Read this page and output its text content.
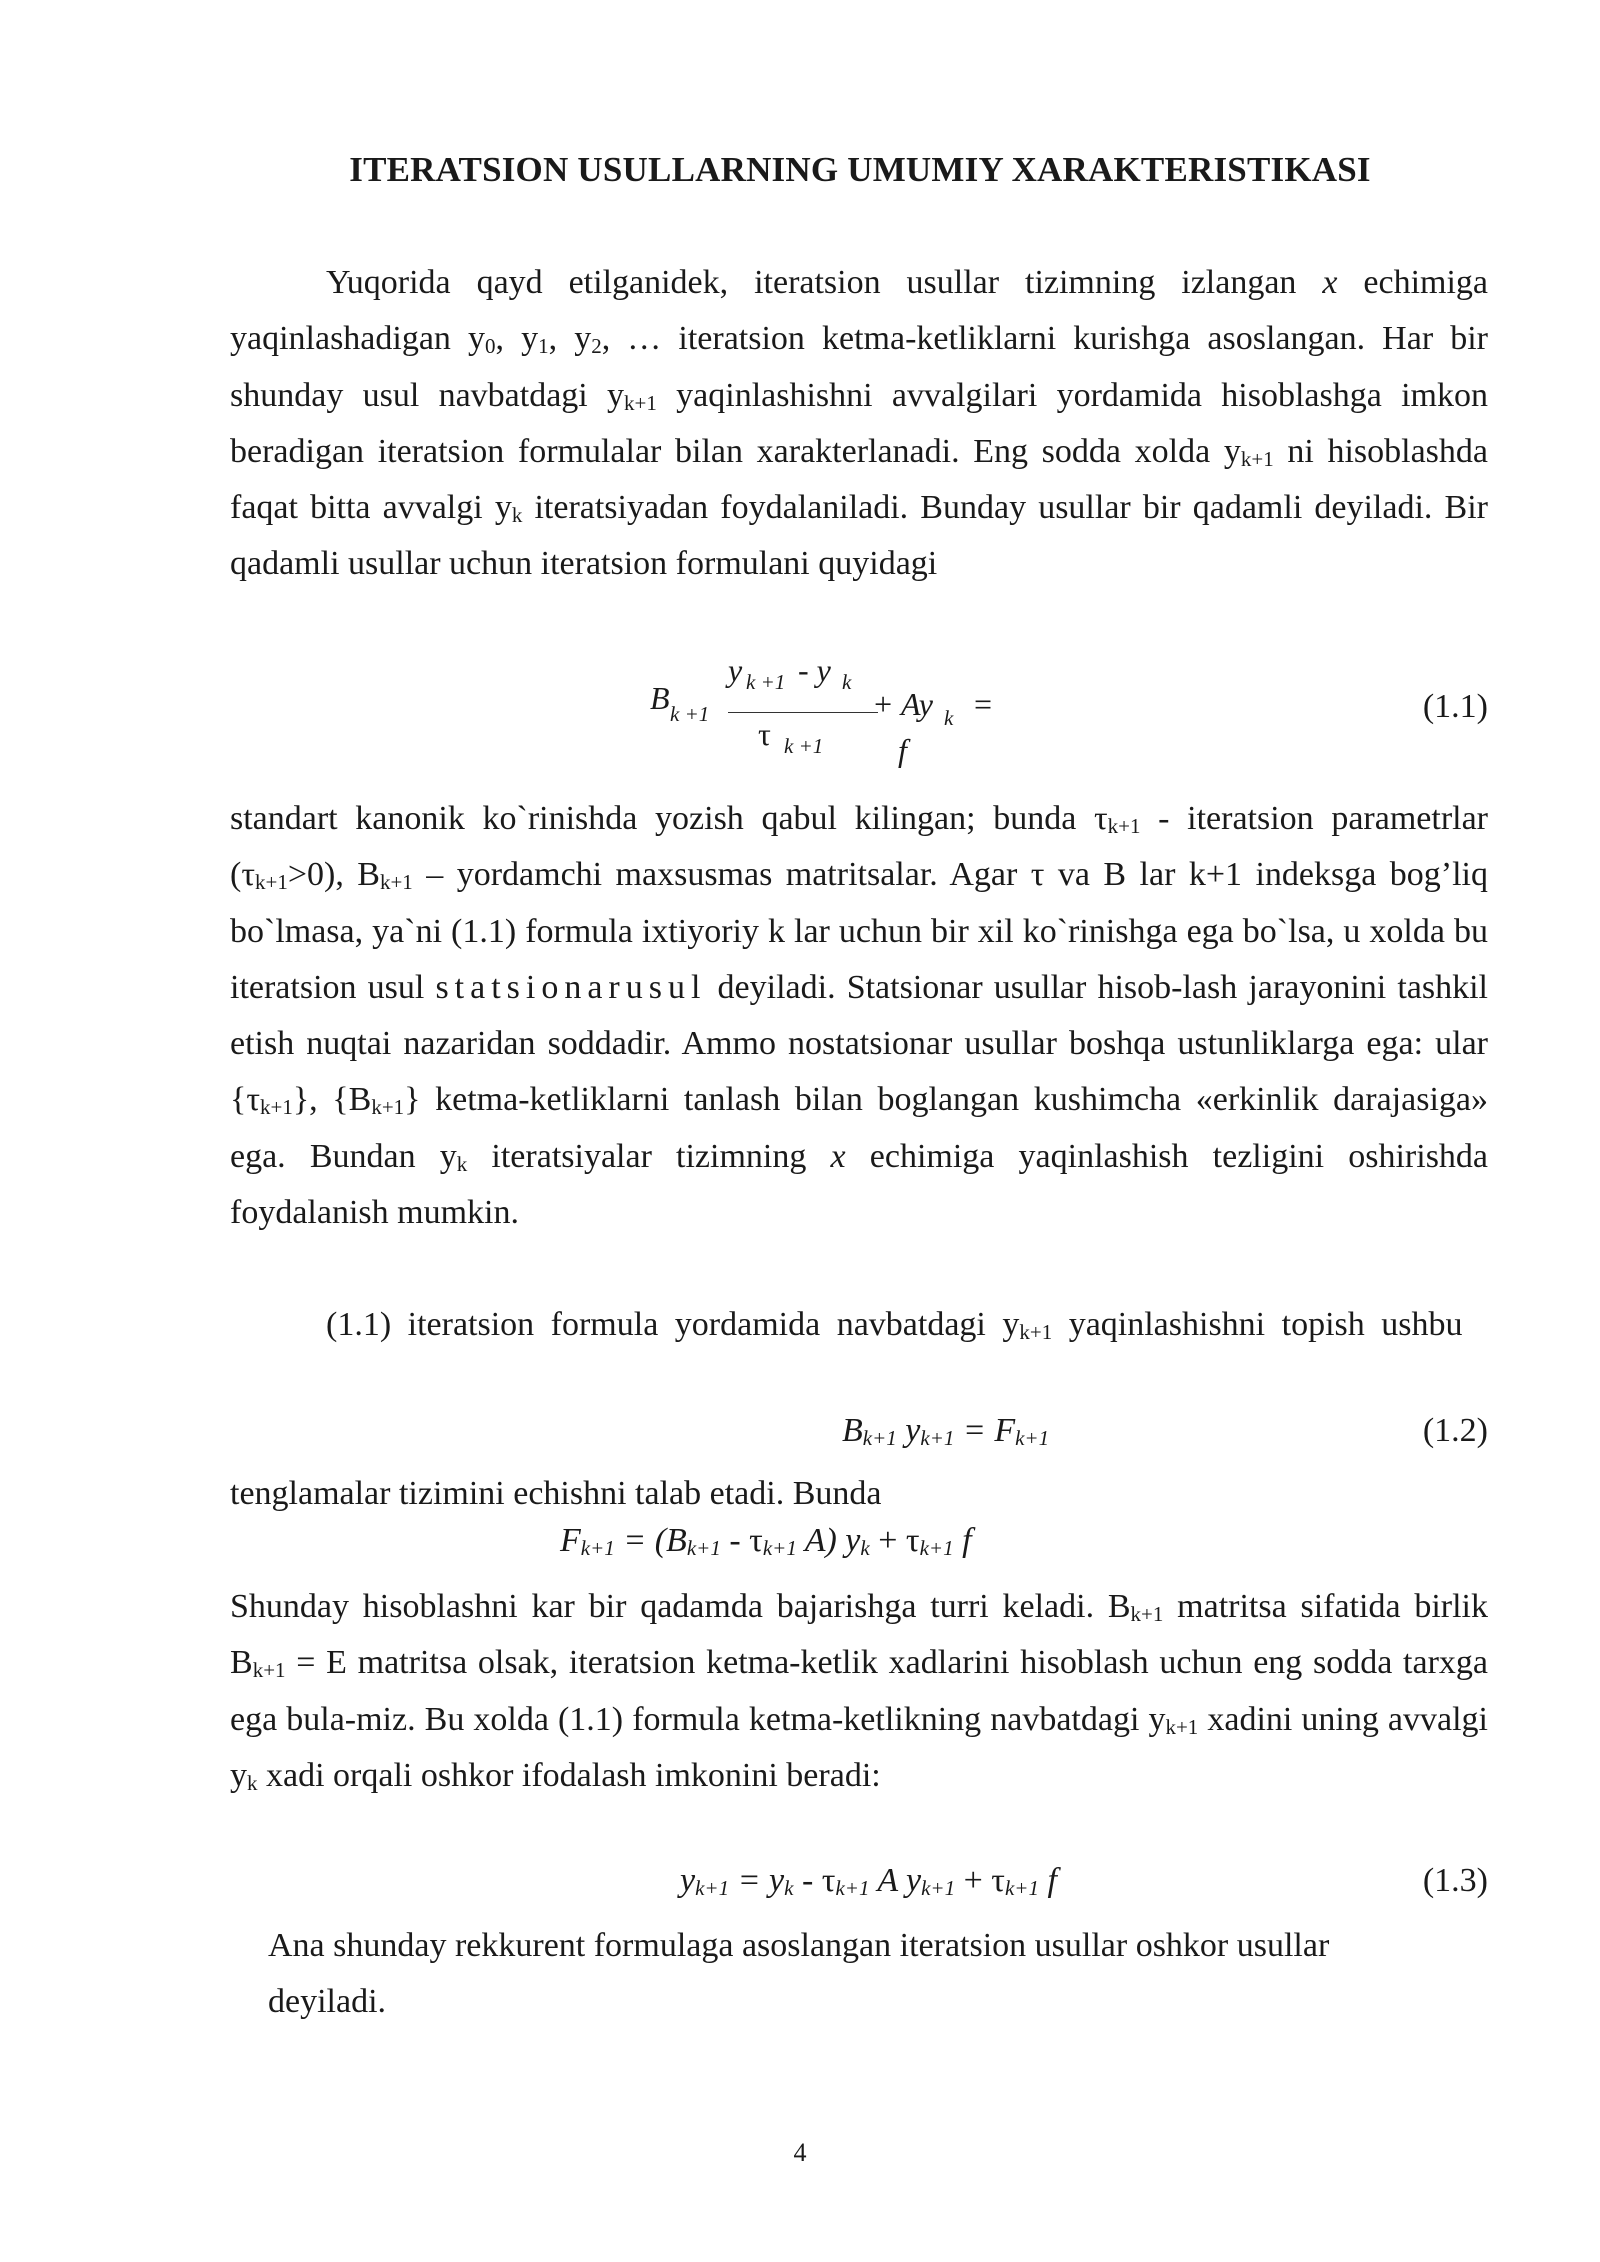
ITERATSION USULLARNING UMUMIY XARAKTERISTIKASI
Yuqorida qayd etilganidek, iteratsion usullar tizimning izlangan x echimiga yaqinlashadigan $y_0$, $y_1$, $y_2$, … iteratsion ketma-ketliklarni kurishga asoslangan. Har bir shunday usul navbatdagi $y_{k+1}$ yaqinlashishni avvalgilari yordamida hisoblashga imkon beradigan iteratsion formulalar bilan xarakterlanadi. Eng sodda xolda $y_{k+1}$ ni hisoblashda faqat bitta avvalgi $y_k$ iteratsiyadan foydalaniladi. Bunday usullar bir qadamli deyiladi. Bir qadamli usullar uchun iteratsion formulani quyidagi
B k +1
y k +1 - y k
τ k +1
+ Ay k =
f
(1.1)
standart kanonik ko`rinishda yozish qabul kilingan; bunda $\tau_{k+1}$ - iteratsion parametrlar $(\tau_{k+1}>0)$, $B_{k+1}$ – yordamchi maxsusmas matritsalar. Agar τ va B lar k+1 indeksga bog’liq bo`lmasa, ya`ni (1.1) formula ixtiyoriy k lar uchun bir xil ko`rinishga ega bo`lsa, u xolda bu iteratsion usul statsionarusul deyiladi. Statsionar usullar hisob-lash jarayonini tashkil etish nuqtai nazaridan soddadir. Ammo nostatsionar usullar boshqa ustunliklarga ega: ular $\{\tau_{k+1}\}$, $\{B_{k+1}\}$ ketma-ketliklarni tanlash bilan boglangan kushimcha «erkinlik darajasiga» ega. Bundan $y_k$ iteratsiyalar tizimning x echimiga yaqinlashish tezligini oshirishda foydalanish mumkin.
(1.1) iteratsion formula yordamida navbatdagi $y_{k+1}$ yaqinlashishni topish ushbu
$B_{k+1}$ $y_{k+1} = F_{k+1}$	(1.2)
tenglamalar tizimini echishni talab etadi. Bunda
$F_{k+1} = (B_{k+1} - \tau_{k+1}$ A) $y_k + \tau_{k+1}$ f
Shunday hisoblashni kar bir qadamda bajarishga turri keladi. $B_{k+1}$ matritsa sifatida birlik $B_{k+1} = E$ matritsa olsak, iteratsion ketma-ketlik xadlarini hisoblash uchun eng sodda tarxga ega bula-miz. Bu xolda (1.1) formula ketma-ketlikning navbatdagi $y_{k+1}$ xadini uning avvalgi $y_k$ xadi orqali oshkor ifodalash imkonini beradi:
$y_{k+1} = y_k - \tau_{k+1}$ A $y_{k+1} + \tau_{k+1}$ f	(1.3)
Ana shunday rekkurent formulaga asoslangan iteratsion usullar oshkor usullar deyiladi.
4
